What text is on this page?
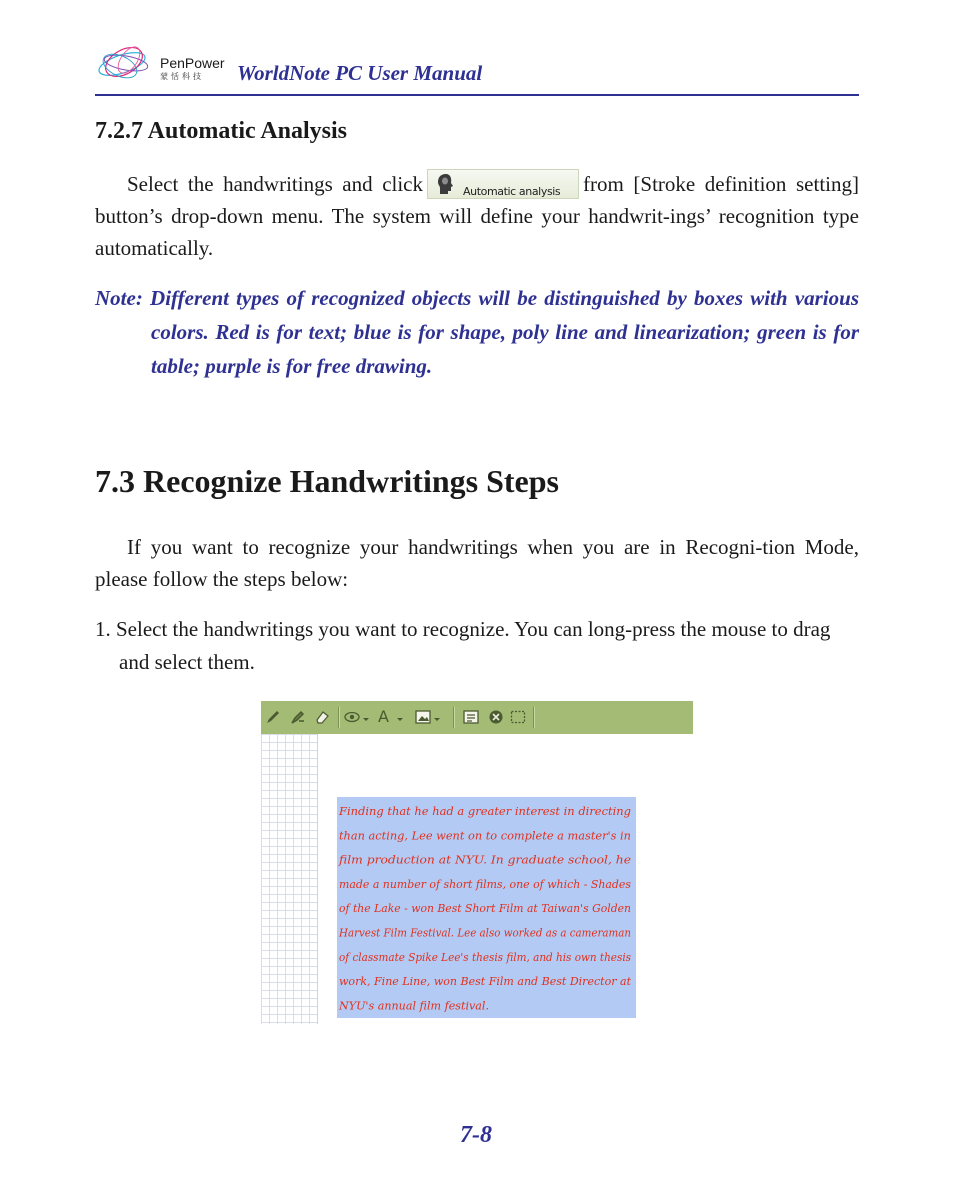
PenPower
蒙恬科技 WorldNote PC User Manual
7.2.7 Automatic Analysis
Select the handwritings and click	Automatic analysis from [Stroke definition setting] button’s drop-down menu. The system will define your handwrit-ings’ recognition type automatically.
Note: Different types of recognized objects will be distinguished by boxes with various colors. Red is for text; blue is for shape, poly line and linearization; green is for table; purple is for free drawing.
7.3 Recognize Handwritings Steps
If you want to recognize your handwritings when you are in Recogni-tion Mode, please follow the steps below:
1. Select the handwritings you want to recognize. You can long-press the mouse to drag and select them.
A
Finding that he had a greater interest in directing
than acting, Lee went on to complete a master's in
film production at NYU. In graduate school, he
made a number of short films, one of which - Shades
of the Lake - won Best Short Film at Taiwan's Golden
Harvest Film Festival. Lee also worked as a cameraman
of classmate Spike Lee's thesis film, and his own thesis
work, Fine Line, won Best Film and Best Director at
NYU's annual film festival.
7-8
